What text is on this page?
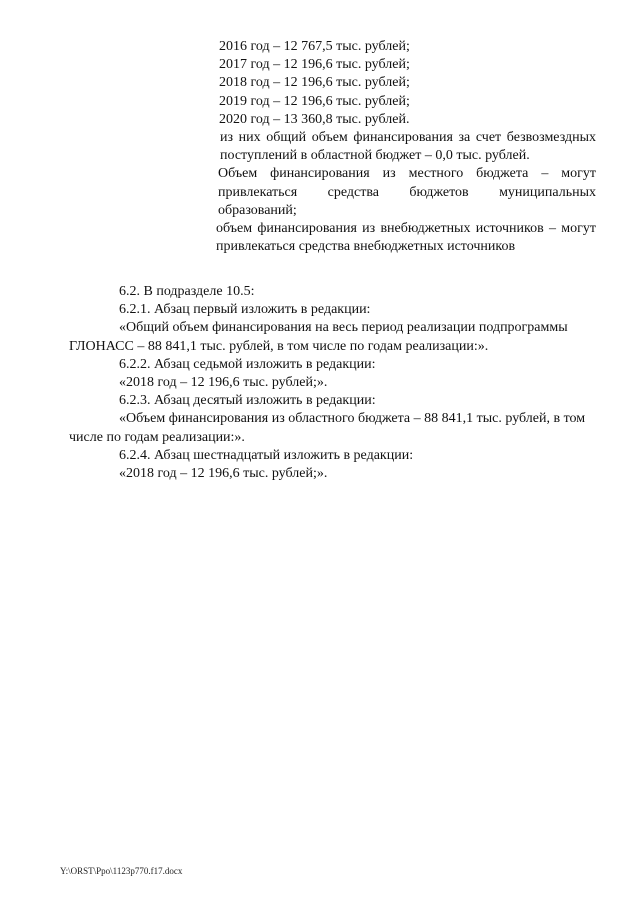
2016 год – 12 767,5 тыс. рублей;
2017 год – 12 196,6 тыс. рублей;
2018 год – 12 196,6 тыс. рублей;
2019 год – 12 196,6 тыс. рублей;
2020 год – 13 360,8 тыс. рублей.
из них общий объем финансирования за счет безвозмездных поступлений в областной бюджет – 0,0 тыс. рублей.
Объем финансирования из местного бюджета – могут привлекаться средства бюджетов муниципальных образований;
объем финансирования из внебюджетных источников – могут привлекаться средства внебюджетных источников

6.2. В подразделе 10.5:

6.2.1. Абзац первый изложить в редакции:

«Общий объем финансирования на весь период реализации подпрограммы ГЛОНАСС – 88 841,1 тыс. рублей, в том числе по годам реализации:».

6.2.2. Абзац седьмой изложить в редакции:

«2018 год – 12 196,6 тыс. рублей;».

6.2.3. Абзац десятый изложить в редакции:

«Объем финансирования из областного бюджета – 88 841,1 тыс. рублей, в том числе по годам реализации:».

6.2.4. Абзац шестнадцатый изложить в редакции:

«2018 год – 12 196,6 тыс. рублей;».

Y:\ORST\Ppo\1123p770.f17.docx
